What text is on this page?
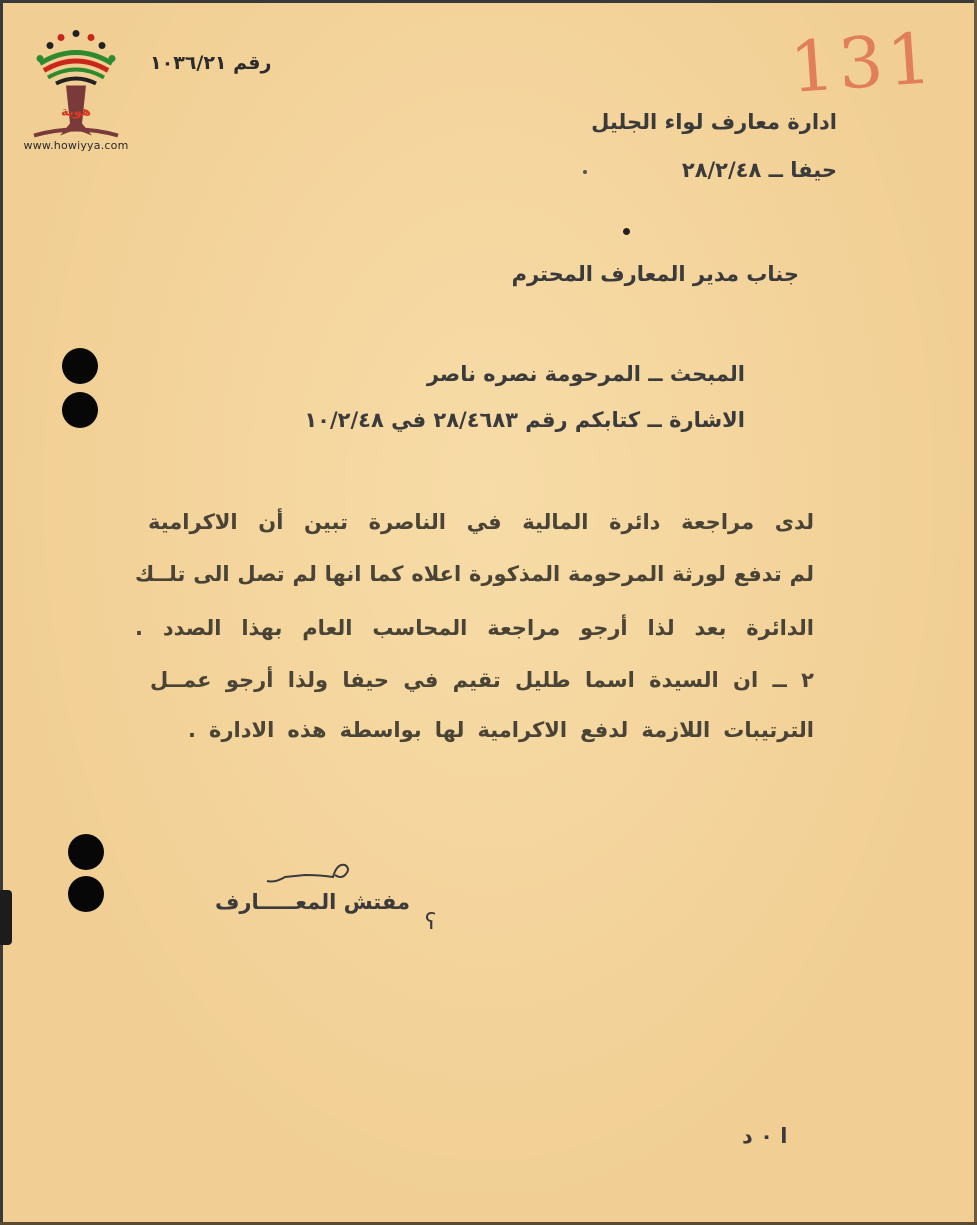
هوية
www.howiyya.com
رقم ١٠٣٦/٢١	131
ادارة معارف لواء الجليل
حيفا ــ ٢٨/٢/٤٨
جناب مدير المعارف المحترم
المبحث ــ المرحومة نصره ناصر
الاشارة ــ كتابكم رقم ٢٨/٤٦٨٣ في ١٠/٢/٤٨
لدى مراجعة دائرة المالية في الناصرة تبين أن الاكرامية
لم تدفع لورثة المرحومة المذكورة اعلاه كما انها لم تصل الى تلــك
الدائرة بعد لذا أرجو مراجعة المحاسب العام بهذا الصدد .
٢ ــ ان السيدة اسما طليل تقيم في حيفا ولذا أرجو عمــل
الترتيبات اللازمة لدفع الاكرامية لها بواسطة هذه الادارة .
مفتش المعـــــارف
ʕ
ا ٠ د
